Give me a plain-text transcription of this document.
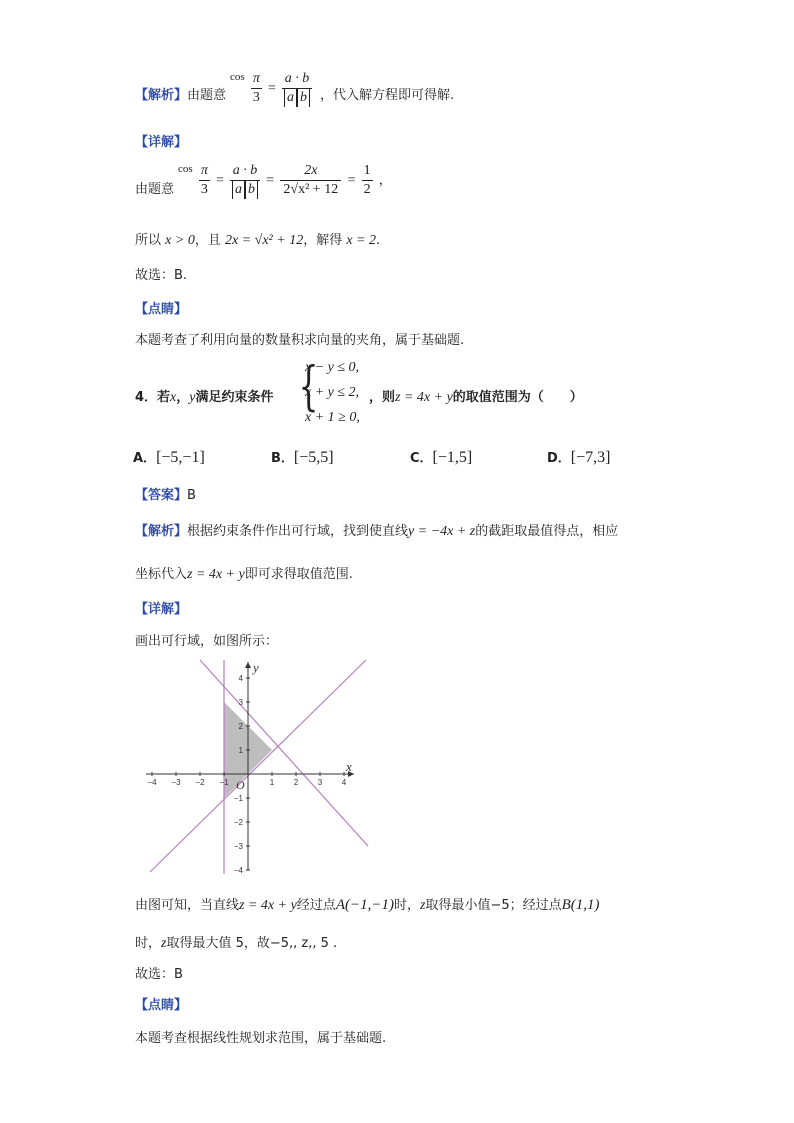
【解析】由题意
$^{cos} \frac{\pi}{3} = \frac{a \cdot b}{\text{a b}}$ ，代入解方程即可得解.
【详解】
由题意
$^{cos} \frac{\pi}{3} = \frac{a \cdot b}{\text{a b}} = \frac{2x}{\text{2√x² + 12}} = \frac{1}{2}$ ，
所以 x > 0，且 2x = √x² + 12，解得 x = 2.
故选：B.
【点睛】
本题考查了利用向量的数量积求向量的夹角，属于基础题.
4．若x，y满足约束条件 {
x − y ≤ 0,
x + y ≤ 2,
x + 1 ≥ 0,
，则z = 4x + y的取值范围为（　　）
A．[−5,−1]	B．[−5,5]	C．[−1,5]	D．[−7,3]
【答案】B
【解析】根据约束条件作出可行域，找到使直线y = −4x + z的截距取最值得点，相应
坐标代入z = 4x + y即可求得取值范围.
【详解】
画出可行域，如图所示：
−4 −3 −2 −1	1 2 3 4
4
3
2
1
−1
−2
−3
−4
x
y
O
由图可知，当直线z = 4x + y经过点A(−1,−1)时，z取得最小值−5；经过点B(1,1)
时，z取得最大值 5，故−5,, z,, 5 .
故选：B
【点睛】
本题考查根据线性规划求范围，属于基础题.
